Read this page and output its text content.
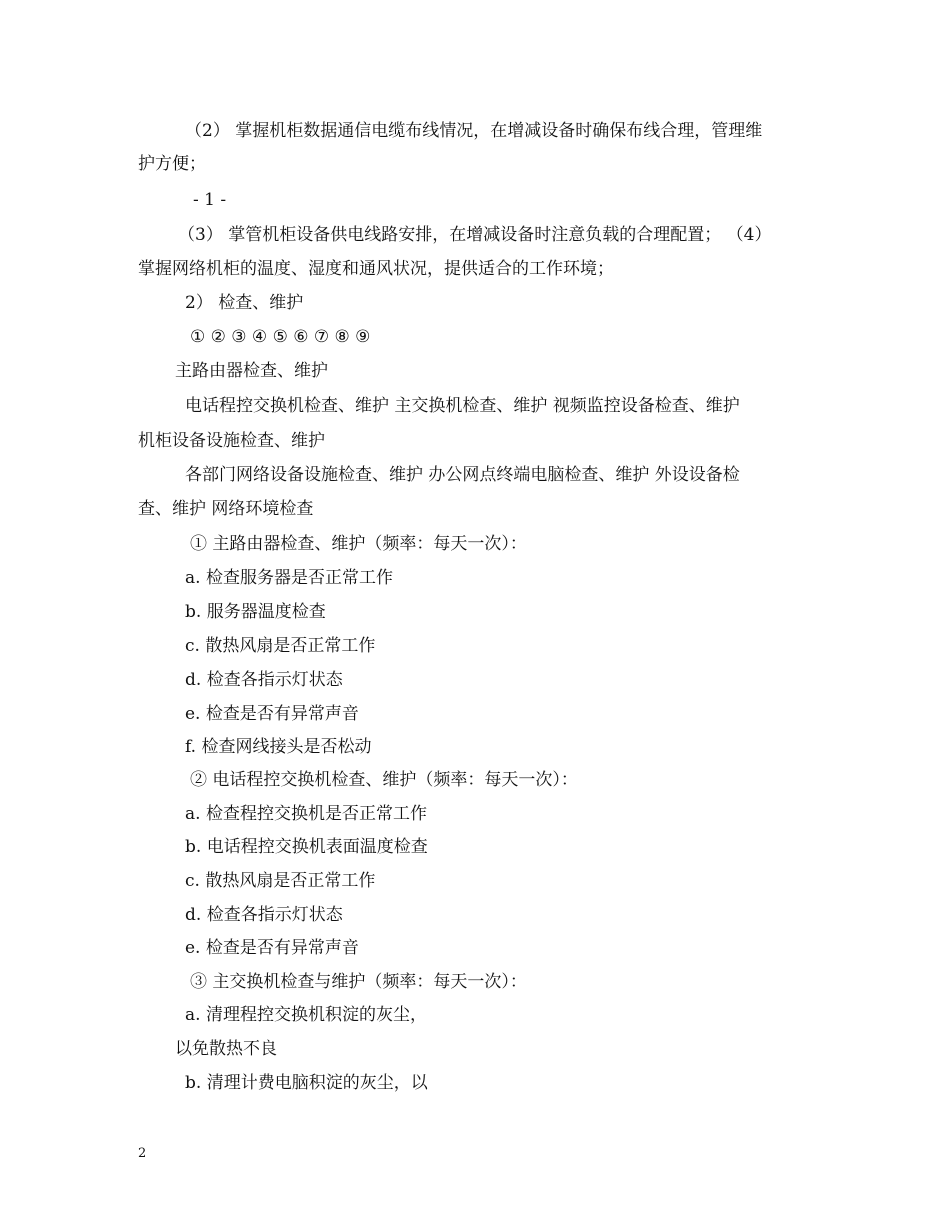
（2） 掌握机柜数据通信电缆布线情况，在增减设备时确保布线合理，管理维
护方便；
- 1 -
（3） 掌管机柜设备供电线路安排，在增减设备时注意负载的合理配置； （4）
掌握网络机柜的温度、湿度和通风状况，提供适合的工作环境；
2） 检查、维护
① ② ③ ④ ⑤ ⑥ ⑦ ⑧ ⑨
主路由器检查、维护
电话程控交换机检查、维护 主交换机检查、维护 视频监控设备检查、维护
机柜设备设施检查、维护
各部门网络设备设施检查、维护 办公网点终端电脑检查、维护 外设设备检
查、维护 网络环境检查
① 主路由器检查、维护（频率：每天一次）：
a. 检查服务器是否正常工作
b. 服务器温度检查
c. 散热风扇是否正常工作
d. 检查各指示灯状态
e. 检查是否有异常声音
f. 检查网线接头是否松动
② 电话程控交换机检查、维护（频率：每天一次）：
a. 检查程控交换机是否正常工作
b. 电话程控交换机表面温度检查
c. 散热风扇是否正常工作
d. 检查各指示灯状态
e. 检查是否有异常声音
③ 主交换机检查与维护（频率：每天一次）：
a. 清理程控交换机积淀的灰尘，
以免散热不良
b. 清理计费电脑积淀的灰尘，以
2
